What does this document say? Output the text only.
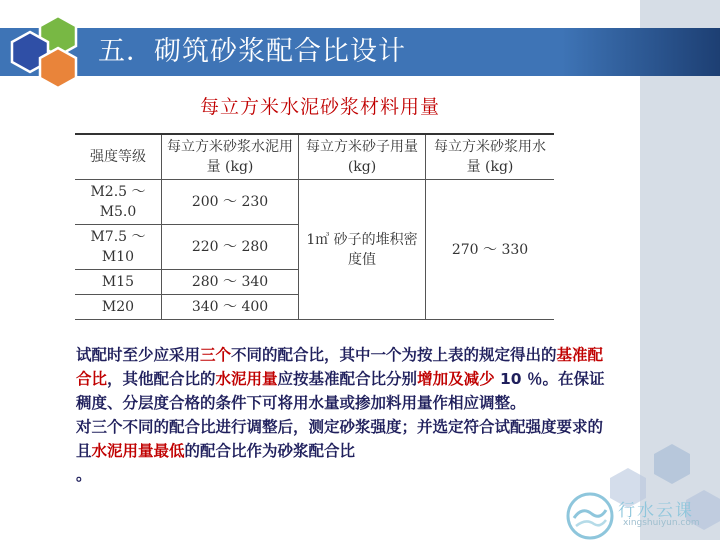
五．砌筑砂浆配合比设计
每立方米水泥砂浆材料用量
强度等级	每立方米砂浆水泥用量 (kg)	每立方米砂子用量 (kg)	每立方米砂浆用水量 (kg)
M2.5 ～ M5.0	200 ～ 230	1㎥ 砂子的堆积密度值	270 ～ 330
M7.5 ～ M10	220 ～ 280		
M15	280 ～ 340		
M20	340 ～ 400		
试配时至少应采用三个不同的配合比，其中一个为按上表的规定得出的基准配合比，其他配合比的水泥用量应按基准配合比分别增加及减少 10 ％。在保证稠度、分层度合格的条件下可将用水量或掺加料用量作相应调整。
对三个不同的配合比进行调整后，测定砂浆强度；并选定符合试配强度要求的且水泥用量最低的配合比作为砂浆配合比
。
行水云课
xingshuiyun.com
